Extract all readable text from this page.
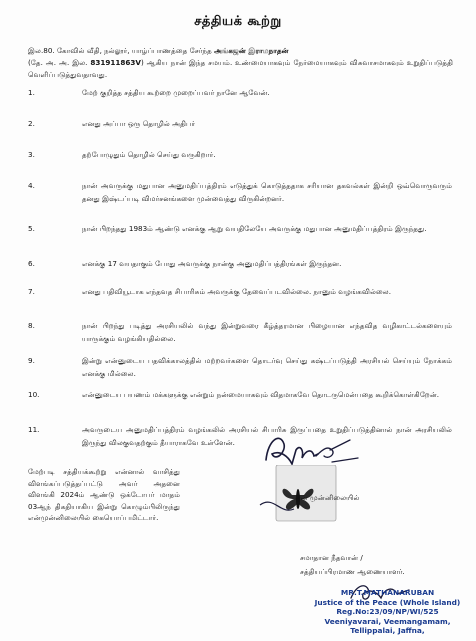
சத்தியக் கூற்று
இல.80. கோவில் வீதி, நல்லூர், யாழ்ப்பாணத்தை சேர்ந்த அங்கஜன் இராமநாதன்
(தே. அ. அ. இல. 831911863V) ஆகிய நான் இந்த சமயம். உண்மையாகவும் நேர்மையாகவும் விசுவாசமாகவும் உறுதிப்படுத்தி வெளிப்படுத்துவதாவது.
1.	மேற் குறித்த சத்திய கூற்றை முறைப்பவர் நானே ஆவேன்.
2.	எனது அப்பா ஒரு தொழில் அதிபர்
3.	தற்போழுதும் தொழில் செய்து வருகிறார்.
4.	நான் அவருக்கு மதுபான அனுமதிப்பத்திரம் எடுத்துக் கொடுத்ததாக சரியான தகவல்கள் இன்றி ஒவ்வொருவரும் தனது இஷ்டப்படி விமர்சனங்களை முன்வைத்து விருகின்றனர்.
5.	நான் பிறந்தது 1983ம் ஆண்டு எனக்கு ஆறு வயதிலேயே அவருக்கு மதுபான அனுமதிப்பத்திரம் இருந்தது.
6.	எனக்கு 17 வயதாகும் போது அவருக்கு நான்கு அனுமதிப்பத்திரங்கள் இருந்தன.
7.	எனது பதிவியூடாக எந்தவத சிபாரிசும் அவருக்கு தேவைப்படவில்லை. நானும் வழங்கவில்லை.
8.	நான் பிறந்து படித்து அரசியலில் வந்து இன்றுவரை கீழ்த்தரமான பிழையான எந்தவித வழிகாட்டல்களையும் யாருக்கும் வழங்கியதில்லை.
9.	இன்று என்னுடைய பதவிக்காலத்தில் மற்றவர்களை தொடர்வு செய்து கஷ்டப்படுத்தி அரசியல் செய்யும் நோக்கம் எனக்கு மில்லை.
10.	என்னுடைய பயணம் மக்களுக்கு என்றும் நன்மையாகவும் விதமாகவே தொடருமென்பதை கூறிக்கொள்கிறேன்.
11.	அவருடைய அனுமதிப்பத்திரம் வழங்கலில் அரசியல் சிபாரிசு இருப்பதை உறுதிப்படுத்தினால் நான் அரசியலில் இருந்து விலகுவதற்கும் தீயாராகவே உள்ளேன்.
மேற்படி சத்தியக்கூற்று என்னால் வாசித்து விளங்கப்படுத்தப்பட்டு அவர் அதனை விளங்கி 2024ம் ஆண்டு ஒக்டோபர் மாதம் 03ஆந் திகதியாகிய இன்று கொழும்பிலிருந்து என்முன்னிலையில் கையொப்பமிட்டார்.
என் முன்னிலையில்
சமாதான நீதவான் /
சத்தியப்பிரமாண ஆணையாளர்.
MR.T.MATHANARUBAN
Justice of the Peace (Whole Island)
Reg.No:23/09/NP/WI/525
Veeniyavarai, Veemangamam,
Tellippalai, Jaffna,
